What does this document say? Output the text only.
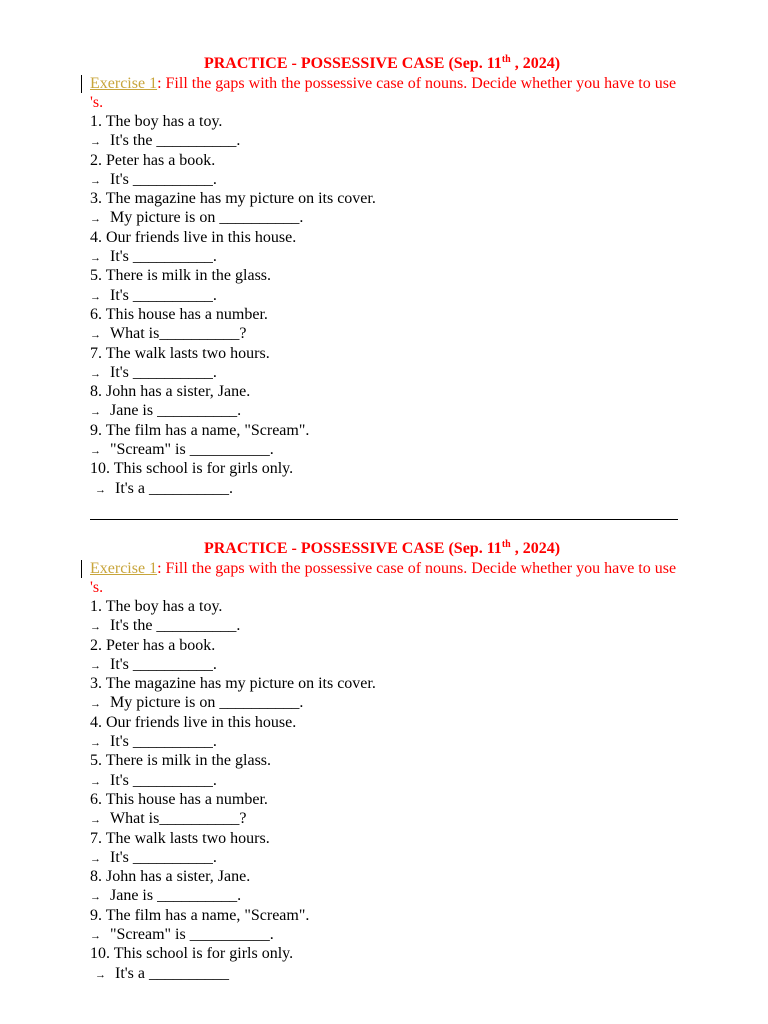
PRACTICE - POSSESSIVE CASE (Sep. 11th , 2024)
Exercise 1: Fill the gaps with the possessive case of nouns. Decide whether you have to use 's.
1. The boy has a toy.
→ It's the __________.
2. Peter has a book.
→ It's __________.
3. The magazine has my picture on its cover.
→ My picture is on __________.
4. Our friends live in this house.
→ It's __________.
5. There is milk in the glass.
→ It's __________.
6. This house has a number.
→ What is__________?
7. The walk lasts two hours.
→ It's __________.
8. John has a sister, Jane.
→ Jane is __________.
9. The film has a name, "Scream".
→ "Scream" is __________.
10. This school is for girls only.
→ It's a __________.
PRACTICE - POSSESSIVE CASE (Sep. 11th , 2024)
Exercise 1: Fill the gaps with the possessive case of nouns. Decide whether you have to use 's.
1. The boy has a toy.
→ It's the __________.
2. Peter has a book.
→ It's __________.
3. The magazine has my picture on its cover.
→ My picture is on __________.
4. Our friends live in this house.
→ It's __________.
5. There is milk in the glass.
→ It's __________.
6. This house has a number.
→ What is__________?
7. The walk lasts two hours.
→ It's __________.
8. John has a sister, Jane.
→ Jane is __________.
9. The film has a name, "Scream".
→ "Scream" is __________.
10. This school is for girls only.
→ It's a __________
